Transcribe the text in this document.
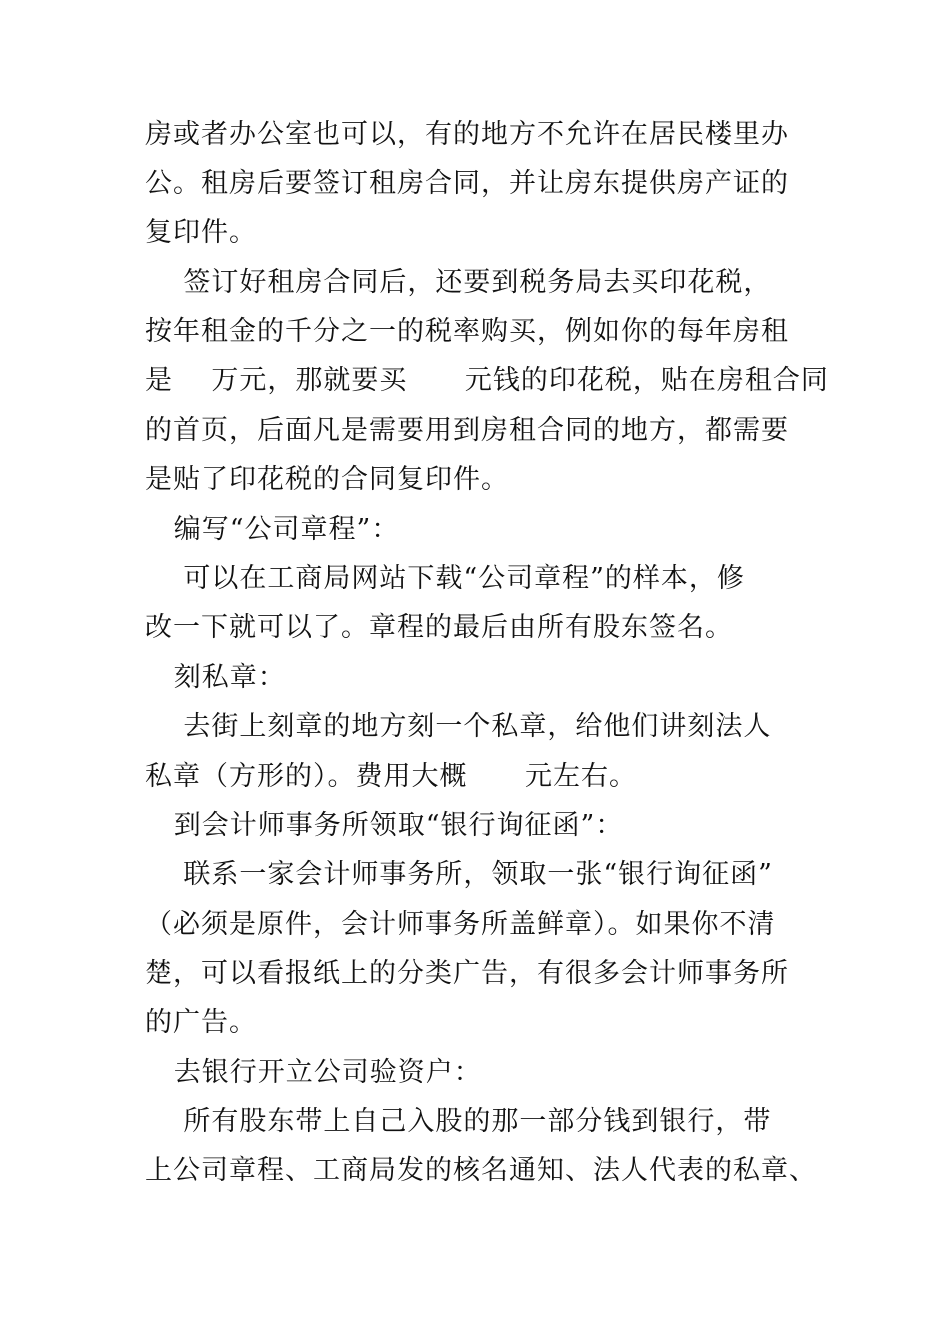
房或者办公室也可以，有的地方不允许在居民楼里办
公。租房后要签订租房合同，并让房东提供房产证的
复印件。
签订好租房合同后，还要到税务局去买印花税，
按年租金的千分之一的税率购买，例如你的每年房租
是    万元，那就要买      元钱的印花税，贴在房租合同
的首页，后面凡是需要用到房租合同的地方，都需要
是贴了印花税的合同复印件。
编写“公司章程”：
可以在工商局网站下载“公司章程”的样本，修
改一下就可以了。章程的最后由所有股东签名。
刻私章：
去街上刻章的地方刻一个私章，给他们讲刻法人
私章（方形的）。费用大概      元左右。
到会计师事务所领取“银行询征函”：
联系一家会计师事务所，领取一张“银行询征函”
（必须是原件，会计师事务所盖鲜章）。如果你不清
楚，可以看报纸上的分类广告，有很多会计师事务所
的广告。
去银行开立公司验资户：
所有股东带上自己入股的那一部分钱到银行，带
上公司章程、工商局发的核名通知、法人代表的私章、
